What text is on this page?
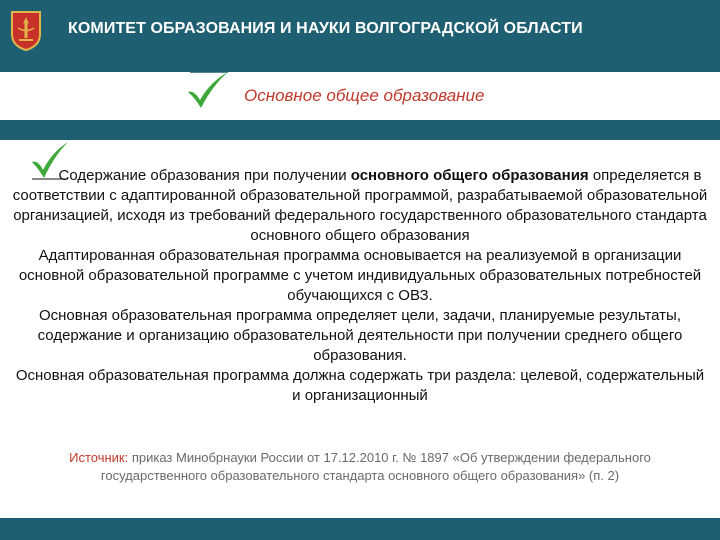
КОМИТЕТ ОБРАЗОВАНИЯ И НАУКИ ВОЛГОГРАДСКОЙ ОБЛАСТИ
Основное общее образование

Содержание образования при получении основного общего образования определяется в соответствии с адаптированной образовательной программой, разрабатываемой образовательной организацией, исходя из требований федерального государственного образовательного стандарта основного общего образования

Адаптированная образовательная программа основывается на реализуемой в организации основной образовательной программе с учетом индивидуальных образовательных потребностей обучающихся с ОВЗ.

Основная образовательная программа определяет цели, задачи, планируемые результаты, содержание и организацию образовательной деятельности при получении среднего общего образования.

Основная образовательная программа должна содержать три раздела: целевой, содержательный и организационный

Источник: приказ Минобрнауки России от 17.12.2010 г. № 1897 «Об утверждении федерального государственного образовательного стандарта основного общего образования» (п. 2)
